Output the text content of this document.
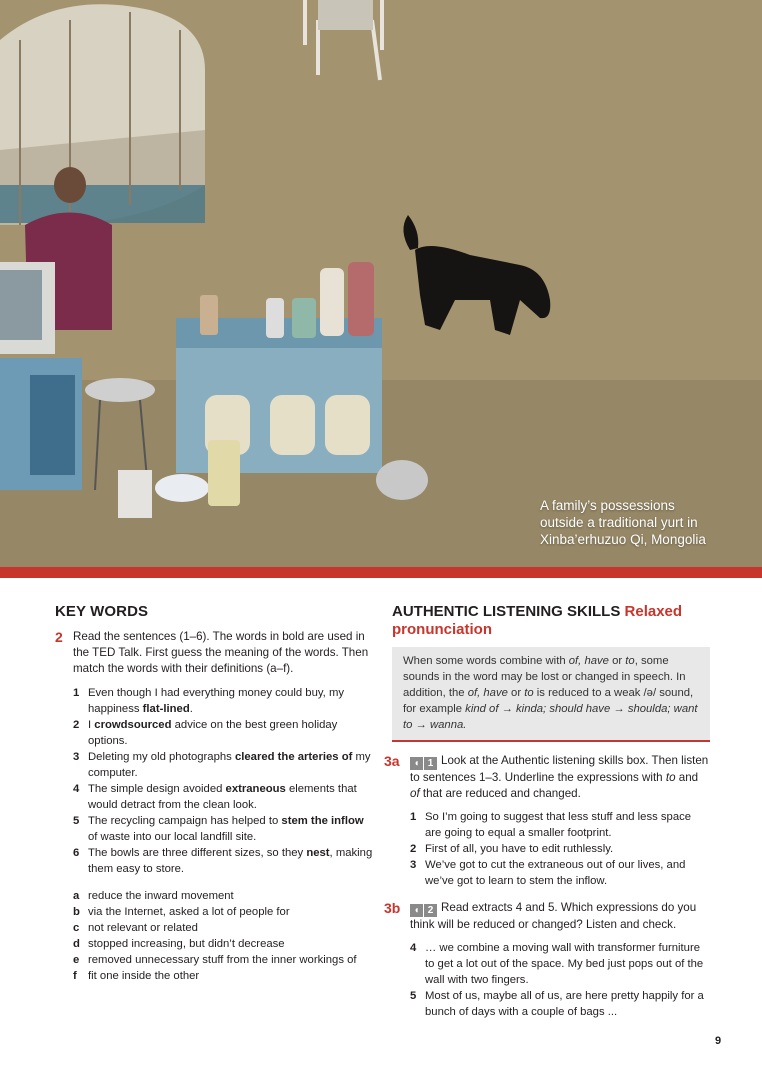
A family’s possessions
outside a traditional yurt in
Xinba’erhuzuo Qi, Mongolia
KEY WORDS
2 Read the sentences (1–6). The words in bold are used in the TED Talk. First guess the meaning of the words. Then match the words with their definitions (a–f).
1 Even though I had everything money could buy, my happiness flat-lined.
2 I crowdsourced advice on the best green holiday options.
3 Deleting my old photographs cleared the arteries of my computer.
4 The simple design avoided extraneous elements that would detract from the clean look.
5 The recycling campaign has helped to stem the inflow of waste into our local landfill site.
6 The bowls are three different sizes, so they nest, making them easy to store.
a reduce the inward movement
b via the Internet, asked a lot of people for
c not relevant or related
d stopped increasing, but didn’t decrease
e removed unnecessary stuff from the inner workings of
f fit one inside the other
AUTHENTIC LISTENING SKILLS Relaxed pronunciation
When some words combine with of, have or to, some sounds in the word may be lost or changed in speech. In addition, the of, have or to is reduced to a weak /ə/ sound, for example kind of → kinda; should have → shoulda; want to → wanna.
3a	◖ 1 Look at the Authentic listening skills box. Then listen to sentences 1–3. Underline the expressions with to and of that are reduced and changed.
1 So I’m going to suggest that less stuff and less space are going to equal a smaller footprint.
2 First of all, you have to edit ruthlessly.
3 We’ve got to cut the extraneous out of our lives, and we’ve got to learn to stem the inflow.
3b	◖ 2 Read extracts 4 and 5. Which expressions do you think will be reduced or changed? Listen and check.
4 … we combine a moving wall with transformer furniture to get a lot out of the space. My bed just pops out of the wall with two fingers.
5 Most of us, maybe all of us, are here pretty happily for a bunch of days with a couple of bags ...
9
